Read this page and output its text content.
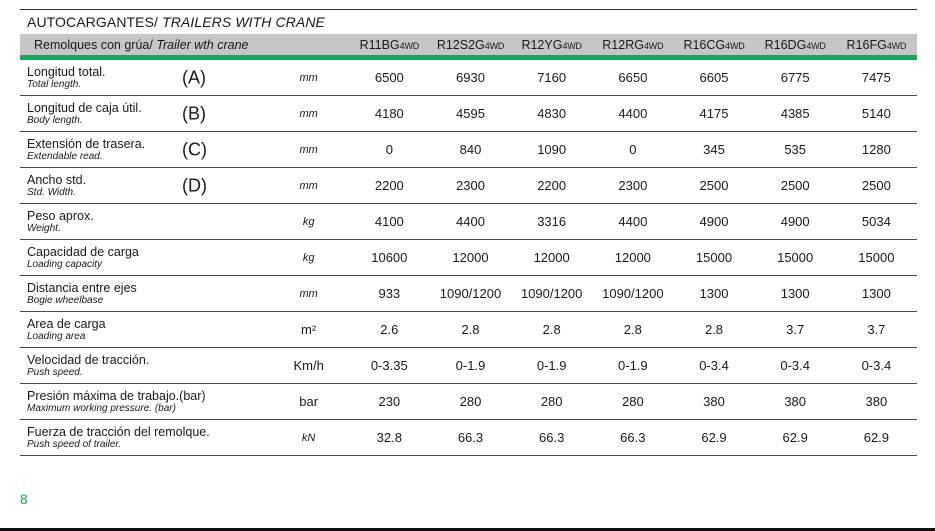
AUTOCARGANTES/ TRAILERS WITH CRANE
Remolques con grúa/ Trailer wth crane		R11BG4WD	R12S2G4WD	R12YG4WD	R12RG4WD	R16CG4WD	R16DG4WD	R16FG4WD

Longitud total.
Total length. (A)	mm	6500	6930	7160	6650	6605	6775	7475

Longitud de caja útil.
Body length. (B)	mm	4180	4595	4830	4400	4175	4385	5140

Extensión de trasera.
Extendable read. (C)	mm	0	840	1090	0	345	535	1280

Ancho std.
Std. Width. (D)	mm	2200	2300	2200	2300	2500	2500	2500

Peso aprox.
Weight.	kg	4100	4400	3316	4400	4900	4900	5034

Capacidad de carga
Loading capacity	kg	10600	12000	12000	12000	15000	15000	15000

Distancia entre ejes
Bogie wheelbase	mm	933	1090/1200	1090/1200	1090/1200	1300	1300	1300

Area de carga
Loading area	m²	2.6	2.8	2.8	2.8	2.8	3.7	3.7

Velocidad de tracción.
Push speed.	Km/h	0-3.35	0-1.9	0-1.9	0-1.9	0-3.4	0-3.4	0-3.4

Presión máxima de trabajo.(bar)
Maximum working pressure. (bar)	bar	230	280	280	280	380	380	380

Fuerza de tracción del remolque.
Push speed of trailer.	kN	32.8	66.3	66.3	66.3	62.9	62.9	62.9
8
